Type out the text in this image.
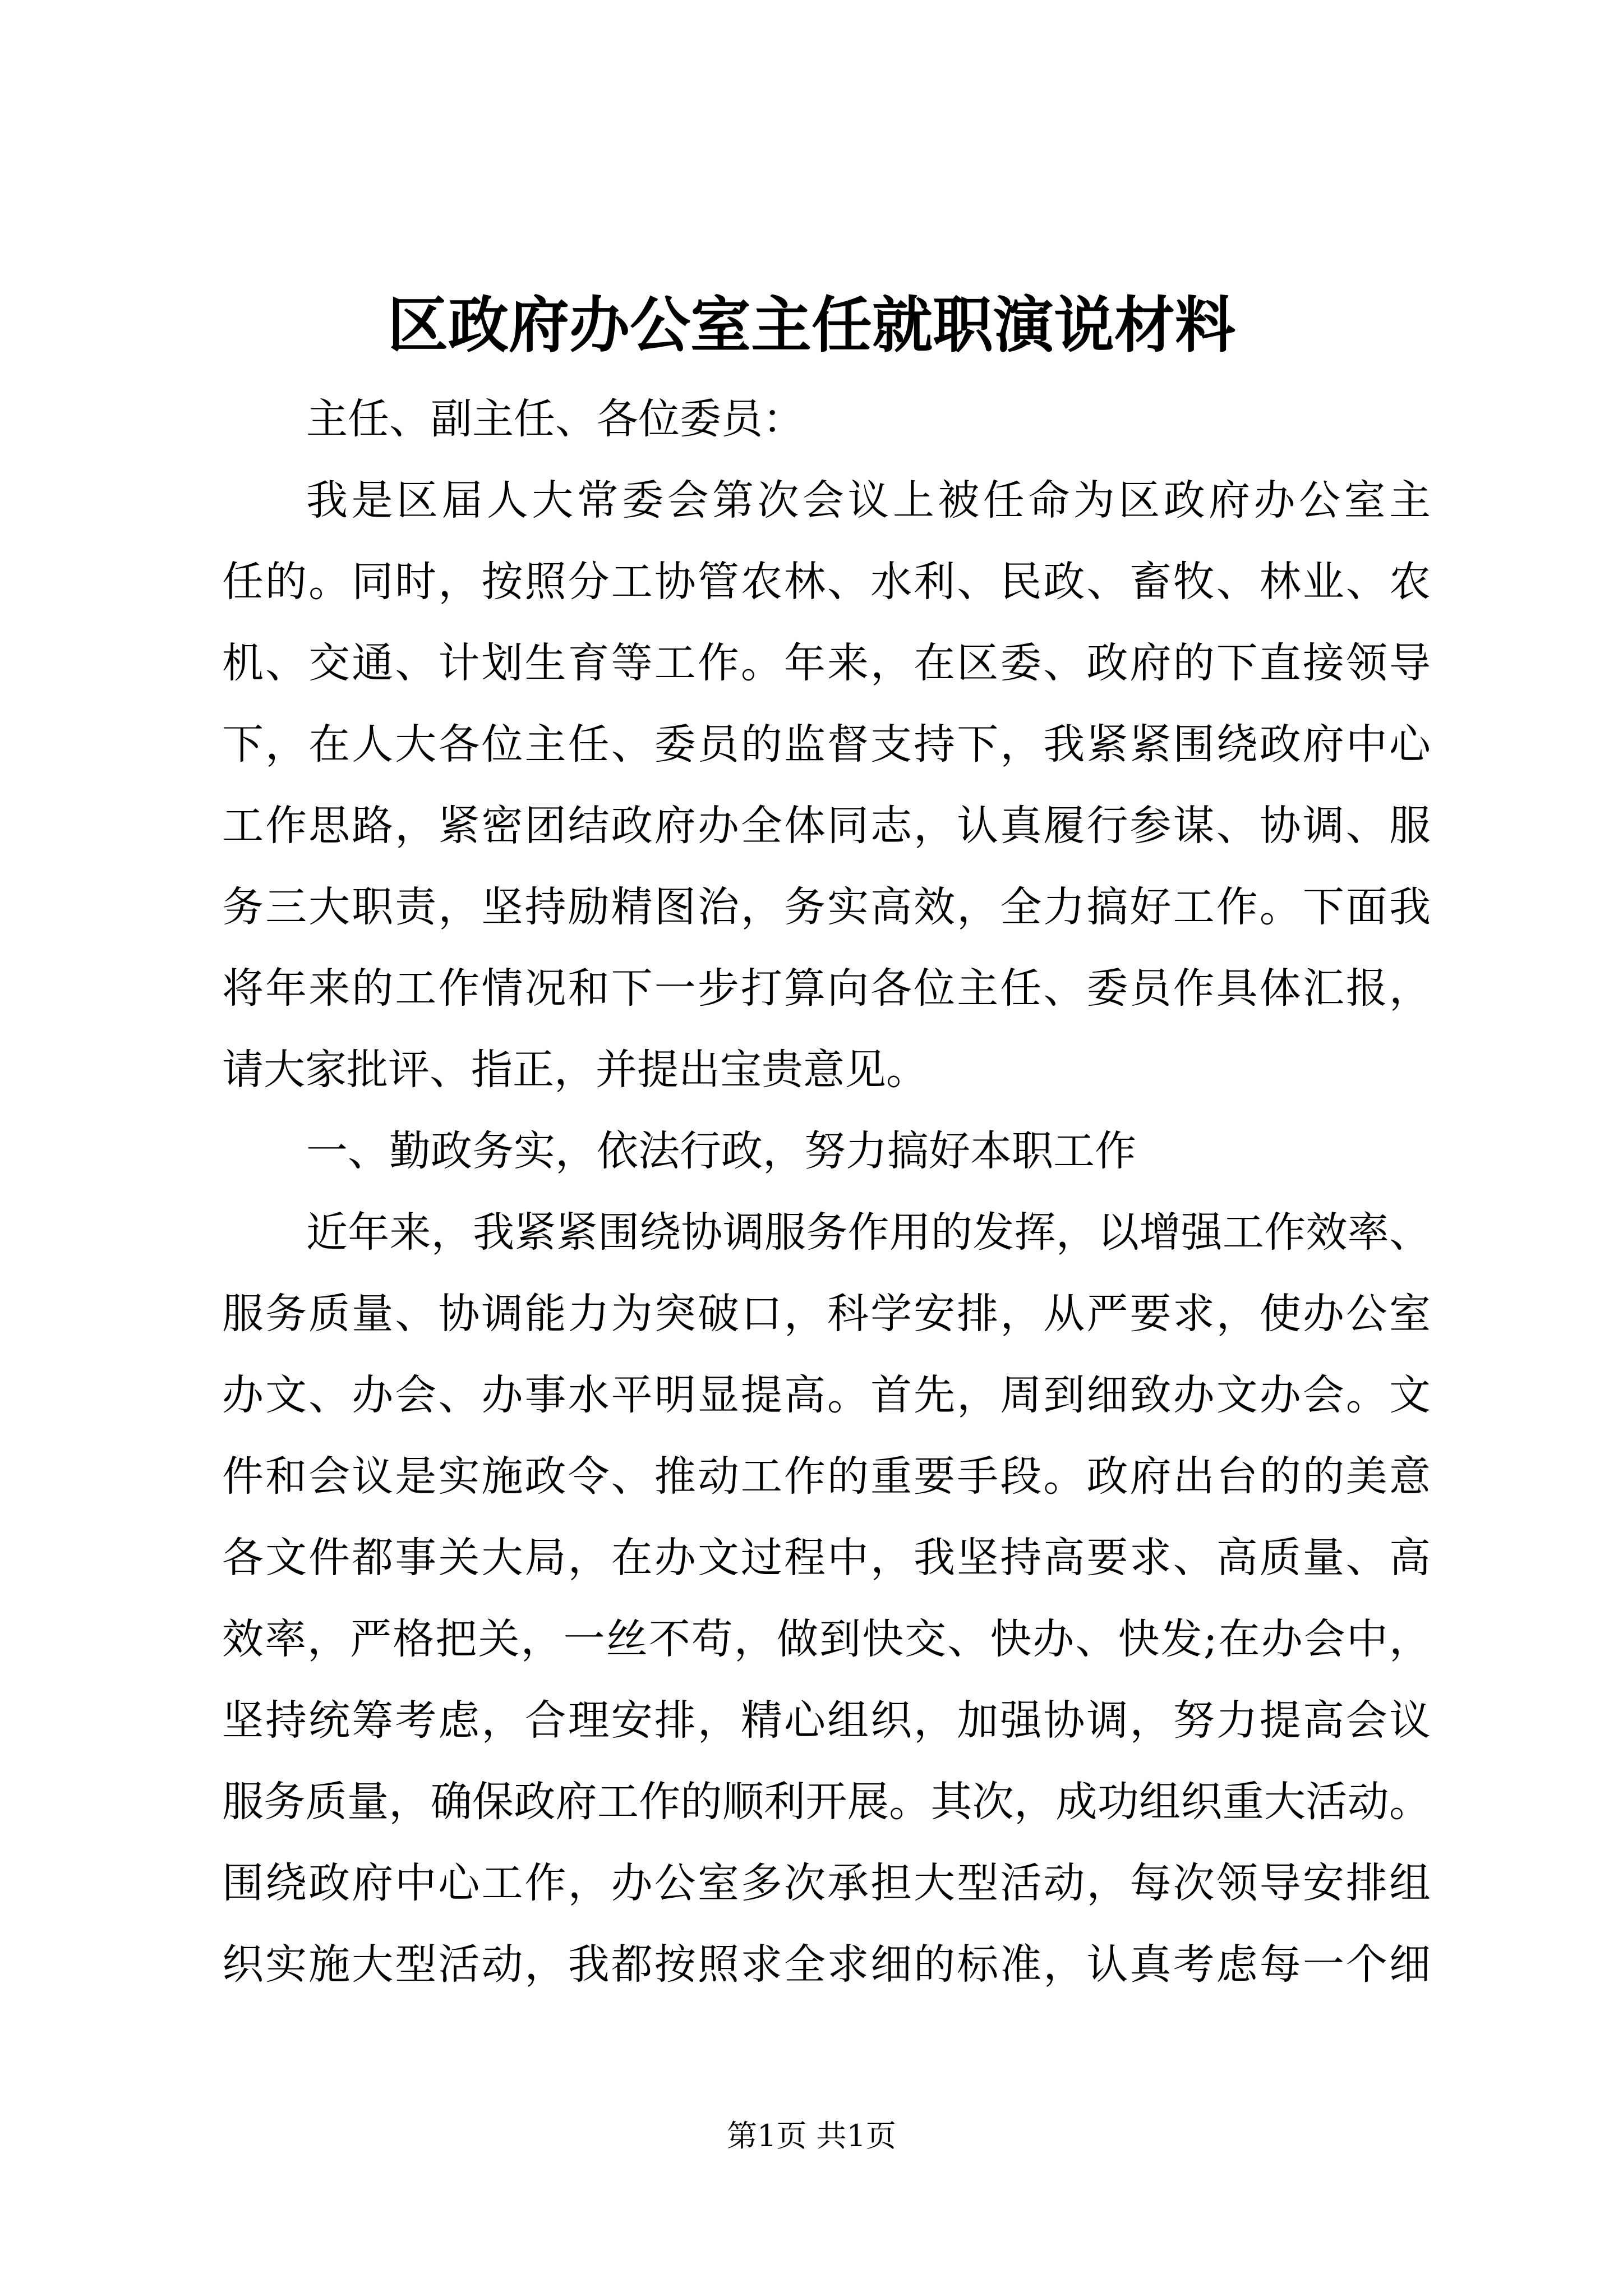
区政府办公室主任就职演说材料
主任、副主任、各位委员：
我是区届人大常委会第次会议上被任命为区政府办公室主
任的。同时，按照分工协管农林、水利、民政、畜牧、林业、农
机、交通、计划生育等工作。年来，在区委、政府的下直接领导
下，在人大各位主任、委员的监督支持下，我紧紧围绕政府中心
工作思路，紧密团结政府办全体同志，认真履行参谋、协调、服
务三大职责，坚持励精图治，务实高效，全力搞好工作。下面我
将年来的工作情况和下一步打算向各位主任、委员作具体汇报，
请大家批评、指正，并提出宝贵意见。
一、勤政务实，依法行政，努力搞好本职工作
近年来，我紧紧围绕协调服务作用的发挥，以增强工作效率、
服务质量、协调能力为突破口，科学安排，从严要求，使办公室
办文、办会、办事水平明显提高。首先，周到细致办文办会。文
件和会议是实施政令、推动工作的重要手段。政府出台的的美意
各文件都事关大局，在办文过程中，我坚持高要求、高质量、高
效率，严格把关，一丝不苟，做到快交、快办、快发;在办会中，
坚持统筹考虑，合理安排，精心组织，加强协调，努力提高会议
服务质量，确保政府工作的顺利开展。其次，成功组织重大活动。
围绕政府中心工作，办公室多次承担大型活动，每次领导安排组
织实施大型活动，我都按照求全求细的标准，认真考虑每一个细
第1页 共1页
